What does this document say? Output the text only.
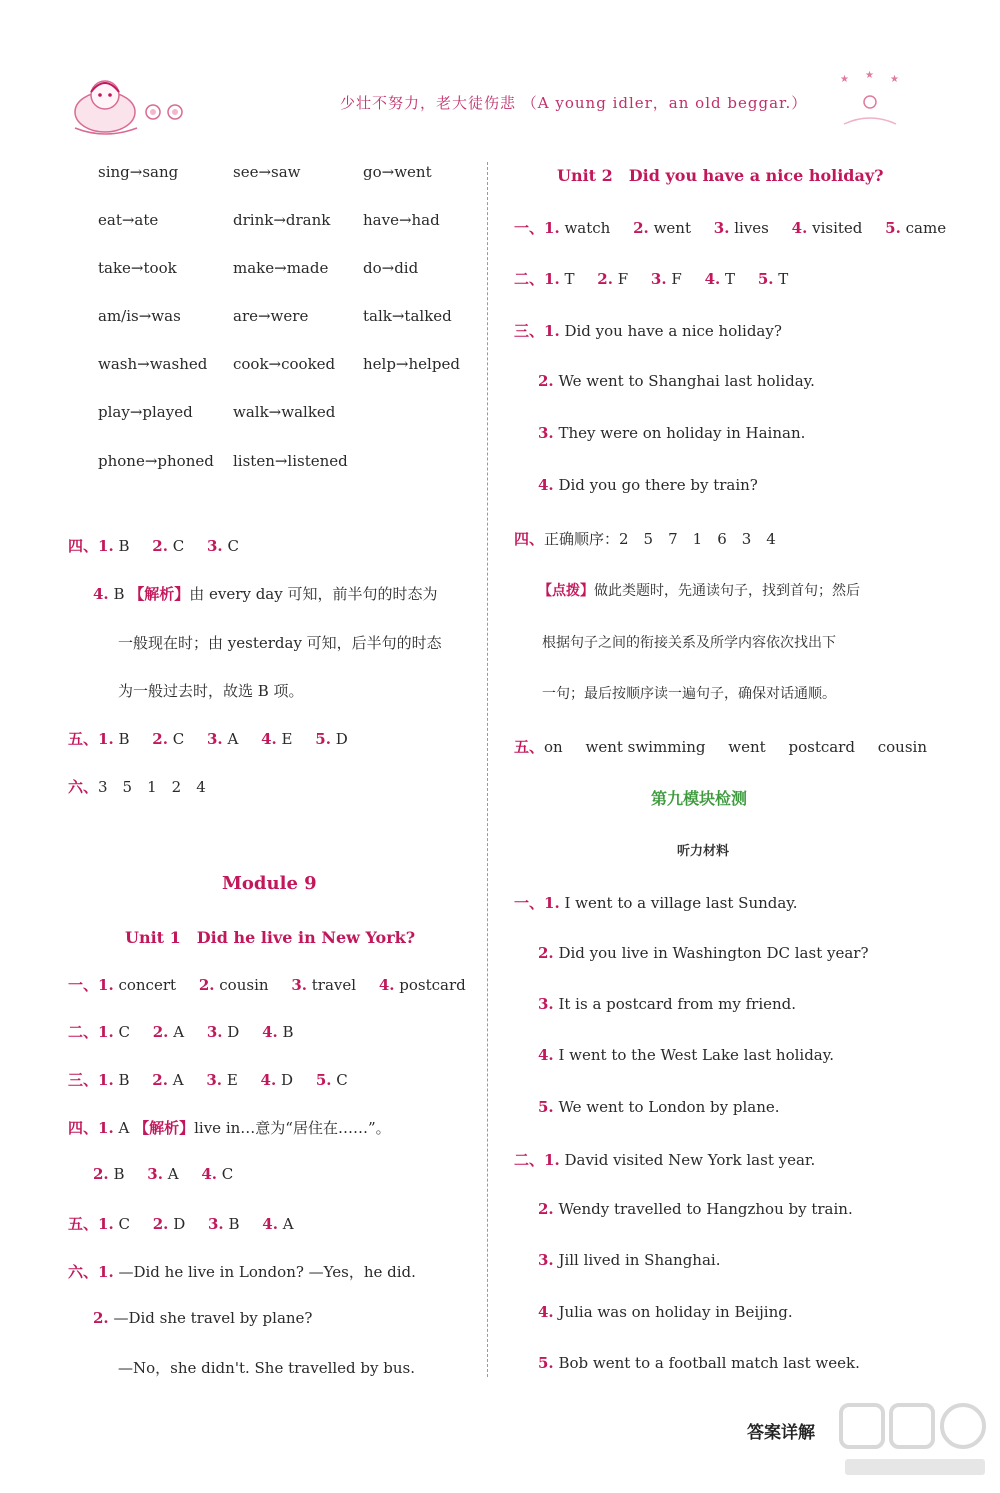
少壮不努力，老大徒伤悲 （A young idler，an old beggar.）
★ ★ ★
sing→sang	see→saw	go→went
eat→ate	drink→drank have→had
take→took	make→made do→did
am/is→was	are→were	talk→talked
wash→washed cook→cooked help→helped
play→played	walk→walked
phone→phoned listen→listened
四、1. B 2. C 3. C
4. B 【解析】由 every day 可知，前半句的时态为
一般现在时；由 yesterday 可知，后半句的时态
为一般过去时，故选 B 项。
五、1. B 2. C 3. A 4. E 5. D
六、3　5　1　2　4
Module 9
Unit 1　Did he live in New York?
一、1. concert 2. cousin 3. travel 4. postcard
二、1. C 2. A 3. D 4. B
三、1. B 2. A 3. E 4. D 5. C
四、1. A 【解析】live in…意为“居住在……”。
2. B 3. A 4. C
五、1. C 2. D 3. B 4. A
六、1. —Did he live in London? —Yes，he did.
2. —Did she travel by plane?
—No，she didn't. She travelled by bus.
Unit 2　Did you have a nice holiday?
一、1. watch 2. went 3. lives 4. visited 5. came
二、1. T 2. F 3. F 4. T 5. T
三、1. Did you have a nice holiday?
2. We went to Shanghai last holiday.
3. They were on holiday in Hainan.
4. Did you go there by train?
四、正确顺序：2　5　7　1　6　3　4
【点拨】做此类题时，先通读句子，找到首句；然后
根据句子之间的衔接关系及所学内容依次找出下
一句；最后按顺序读一遍句子，确保对话通顺。
五、on went swimming went postcard cousin
第九模块检测
听力材料
一、1. I went to a village last Sunday.
2. Did you live in Washington DC last year?
3. It is a postcard from my friend.
4. I went to the West Lake last holiday.
5. We went to London by plane.
二、1. David visited New York last year.
2. Wendy travelled to Hangzhou by train.
3. Jill lived in Shanghai.
4. Julia was on holiday in Beijing.
5. Bob went to a football match last week.
答案详解
